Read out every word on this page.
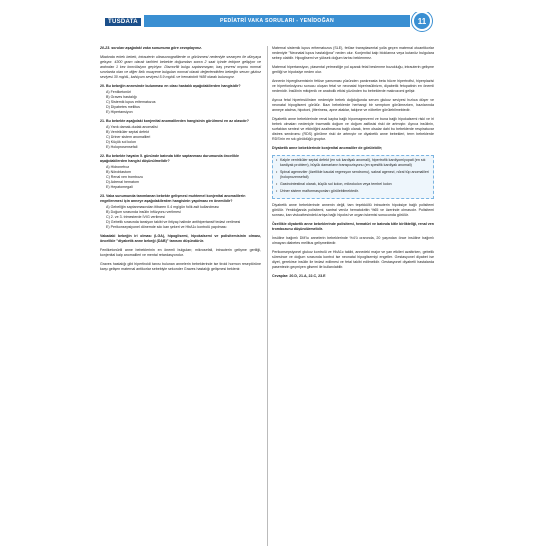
TUSDATA	PEDİATRİ VAKA SORULARI - YENİDOĞAN	11
20-23. soruları aşağıdaki vaka sunumuna göre cevaplayınız.
Miadında erkek bebek, intrauterin ultrasonografilerde ın görünmesi nedeniyle sezaryen ile dünyaya gelsyor. 4300 gram olarak tarihleri bebekte doğumdan sonra 2 saat içinde tekipne gelişiyor ve ardından 1 kez konvülsiyon geçiriyor. Dismorfik bulgu saptanmayan, baş çevresi orşonu normal sınırlarda olan ve diğer fizik muayene bulguları normal olarak değerlendirilen bebeğin serum glukoz seviyesi 30 mg/dL, kalsiyum seviyesi 5.9 mg/dL ve hematokrit %88 olarak bulunuyor.
20. Bu bebeğin annesinde bulunması en olası hastalık aşağıdakilerden hangisidir?
A) Fenilketonüri
B) Graves hastalığı
C) Sistemik lupus eritematozus
D) Diyabetes mellitus
E) Hipertansiyon
21. Bu bebekte aşağıdaki konjenital anomalilerden hangisinin görülmesi en az olasıdır?
A) Yarık damak-dudak anomalisi
B) Ventriküler septal defekt
C) Üriner sistem anomalileri
D) Küçük sol kolon
E) Holoprosensefali
22. Bu bebekte hayatın 5. gününde batında kitle saptanması durumunda öncelikle aşağıdakilerden hangisi düşünülmelidir?
A) Hidronefroz
B) Nöroblastom
C) Renal ven trombozu
D) Adrenal hematom
E) Hepatomegali
23. Vaka sunumunda tanımlanan bebekte gelişmesi muhtemel konjenital anomalilerin engellenmesi için anneye aşağıdakilerden hangisinin yapılması en önemlidir?
A) Gebeliğin saptanmasından itibaren 0.4 mg/gün folik asit kullanılması
B) Doğum sırasında insülin infüzyonu verilmesi
C) 2. ve 3. trimesterde İVIG verilmesi
D) Gebelik sırasında tansiyon takibi ve ihtiyaç halinde antihipertansif tedavi verilmesi
E) Perikonsepsiyonel dönemde sıkı kan şekeri ve HbA1c kontrolü yapılması
Vakadaki bebeğin iri olması (LGA), hipoglisemi, hipokalsemi ve polisitemisinin olması, öncelikle "diyabetik anne bebeği (DAB)" tanısını düşündürür.
Fenilketonürili anne bebeklerinin en önemli bulguları; mikrosefali, intrauterin gelişme geriliği, konjenital kalp anomalileri ve mental retardasyondur.
Graves hastalığı gibi hipertiroidi tanısı bulunan annelerin bebeklerinde ise tiroid hormon reseptörüne karşı gelişen maternal antikorlar sebebiyle sekonder Graves hastalığı gelişmesi beklenir.
Maternal sistemik lupus eritematozus (SLE), fetüse transplasental yolla geçen maternal otoantikorlar nedeniyle "Neonatal lupus hastalığına" neden olur. Konjenital kalp bloklarına veya kutanöz bulgulara sebep olabilir. Hipoglisemi ve yüksek doğum tartısı beklenmez.
Maternal hipertansiyon, plasental yetmezliğe yol açarak fetal beslenme bozukluğu, intrauterin gelişme geriliği ve hipoksiye neden olur.
Annenin hiperglisemisinin fetüse yansıması yüzünden pankreasta beta hücre hipertrofisi, hiperplazisi ve hiperfonksiyonu sonucu oluşan fetal ve neonatal hiperinsülinizm, diyabetik fetopatinin en önemli nedenidir. İnsülinin mitojenik ve anabolik etkisi yüzünden bu bebeklerde makrozomi gelişir.
Ayrıca fetal hiperinsülinizm nedeniyle bebek doğduğunda serum glukoz seviyesi hızlıca düşer ve neonatal hipoglisemi görülür. Bazı bebeklerde herhangi bir semptom görülmezken, bazılarında anneye atalma, hipotoni, jitteriness, apne ataklar, takipne ve nöbetler görülebilmektedir.
Diyabetik anne bebeklerinde renal kayba bağlı hipomagnezemi ve buna bağlı hipokalsemi riski ve iri bebek olmaları nedeniyle travmatik doğum ve doğum asfiksisi riski de artmıştır. Ayrıca insülinin, surfaktan sentezi ve etkinliğini azaltmasına bağlı olarak, term olsalar dahi bu bebeklerde respiratuvar distres sendromu (RDS) görülme riski de artmıştır ve diyabetik anne bebekleri, term bebeklerde RDS'nin en sık görüldüğü gruptur.
Diyabetik anne bebeklerinde konjenital anomaliler de görülebilir;
• Kalple ventriküler septal defekt (en sık kardiyak anomali), hipertrofik kardiyomiyopati (en sık kardiyak problem), büyük damarların transpozisyonu (en spesifik kardiyak anomali)
• Spinal ageneziler (özellikle kaudal regresyon sendromu), sakral agenezi, nöral tüp anomalileri (holoprozensefali)
• Gastrointestinal olarak, küçük sol kolon, mikrokolon veya tembel kolon
• Üriner sistem malformasyonları görülebilmektedir.
Diyabetik anne bebeklerinde annenin değil, tam teşekküllü intrauterin hipoksiye bağlı polisitemi görülür. Yenidoğanda polisitemi, santral venöz hematokritin %65 ve üzerinde olmasıdır. Polisitemi sonrası, kan viskozitesindeki artışa bağlı hipoksi ve organ iskemisi sonucunda görülür.
Özellikle diyabetik anne bebeklerinde polisitemi, hematüri ve batında kitle birlikteliği, renal ven trombozunu düşündürmelidir.
İnsüline bağımlı DM'lu annelerin bebeklerinde %4'ü oranında, 20 yaşından önce insüline bağımlı olmayan diabetes mellitus gelişmektedir.
Perikonsepsiyonel glukoz kontrolü ve HbA1c takibi, annedeki major ve yan etkileri azaltırken, gebelik süresince ve doğum sırasında kontrol ise neonatal hipoglisemiyi engeller. Gestasyonel diyabet ise diyet, gerekirse insülin ile tedavi edilmesi ve fetal takibi edilmelidir. Gestasyonel diyabetli hastalarda pasentezin geçmiyen glisemi ile kullanılabilir.
Cevaplar: 20.D, 21.A, 22.C, 23.E
